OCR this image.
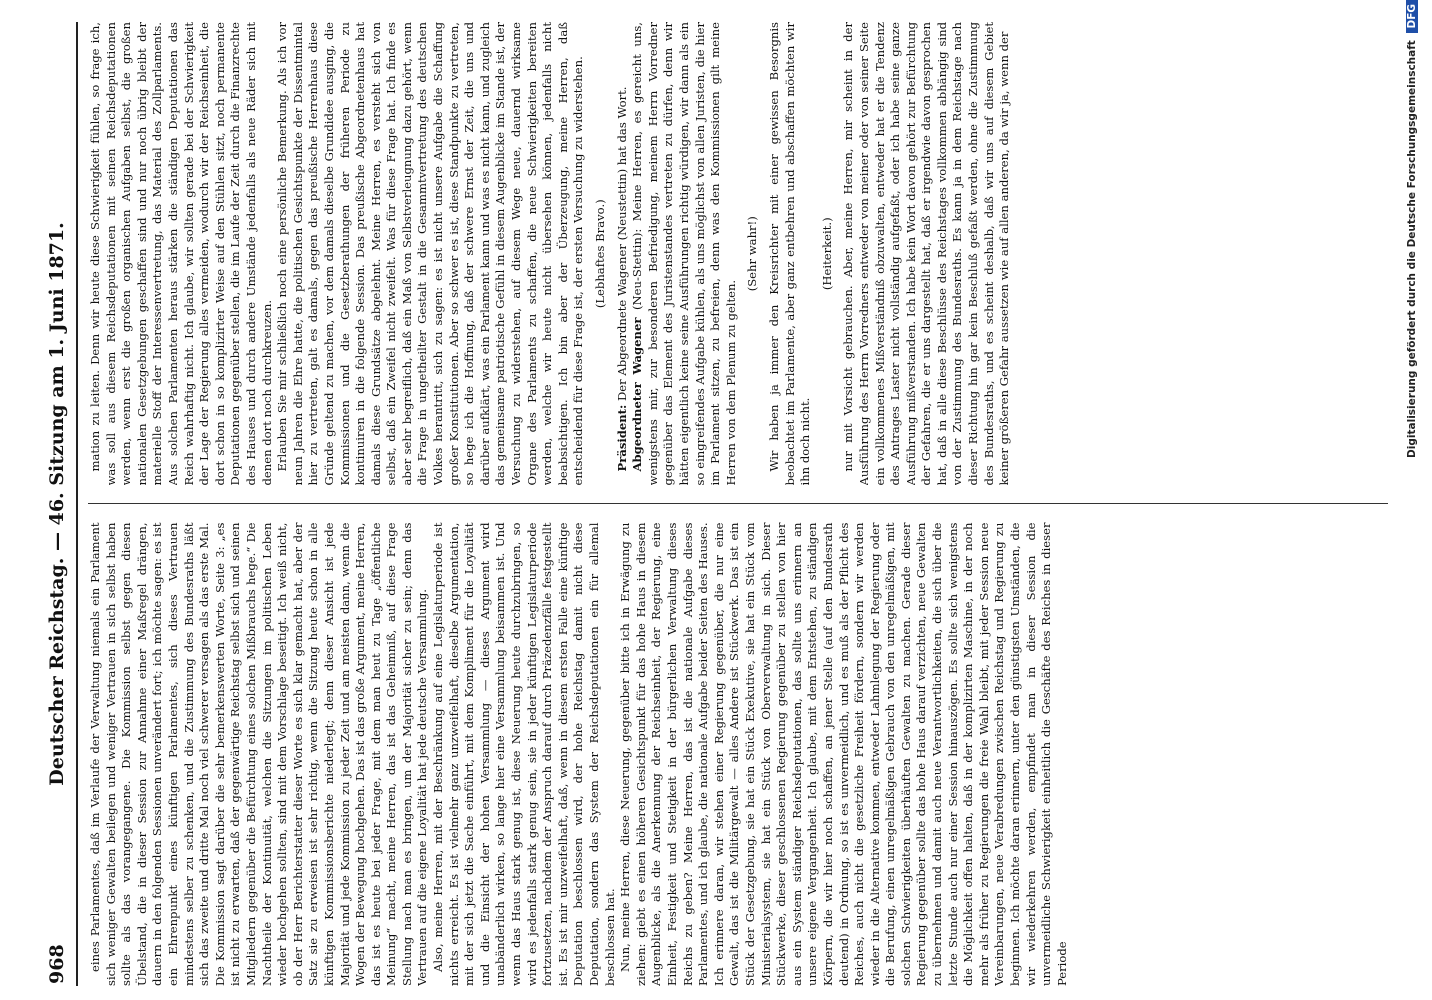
968
Deutscher Reichstag. — 46. Sitzung am 1. Juni 1871. eines Parlamentes, daß im Verlaufe der Verwaltung niemals ein Parlament sich weniger Gewalten beilegen und weniger Vertrauen in sich selbst haben sollte als das vorangegangene. Die Kommission selbst gegen diesen Übelstand, die in dieser Session zur Annahme einer Maßregel drängen, dauern in den folgenden Sessionen unverändert fort; ich möchte sagen: es ist ein Ehrenpunkt eines künftigen Parlamentes, sich dieses Vertrauen mindestens selber zu schenken, und die Zustimmung des Bundesraths läßt sich das zweite und dritte Mal noch viel schwerer versagen als das erste Mal. Die Kommission sagt darüber die sehr bemerkenswerten Worte, Seite 3: „es ist nicht zu erwarten, daß der gegenwärtige Reichstag selbst sich und seinen Mitgliedern gegenüber die Befürchtung eines solchen Mißbrauchs hege.“ Die Nachtheile der Kontinuität, welchen die Sitzungen im politischen Leben wieder hochgehen sollten, sind mit dem Vorschlage beseitigt. Ich weiß nicht, ob der Herr Berichterstatter dieser Worte es sich klar gemacht hat, aber der Satz sie zu erweisen ist sehr richtig, wenn die Sitzung heute schon in alle künftigen Kommissionsberichte niederlegt; denn dieser Ansicht ist jede Majorität und jede Kommission zu jeder Zeit und am meisten dann, wenn die Wogen der Bewegung hochgehen. Das ist das große Argument, meine Herren, das ist es heute bei jeder Frage, mit dem man heut zu Tage „öffentliche Meinung“ macht, meine Herren, das ist das Geheimniß, auf diese Frage Stellung nach man es bringen, um der Majorität sicher zu sein; denn das Vertrauen auf die eigene Loyalität hat jede deutsche Versammlung. Also, meine Herren, mit der Beschränkung auf eine Legislaturperiode ist nichts erreicht. Es ist vielmehr ganz unzweifelhaft, dieselbe Argumentation, mit der sich jetzt die Sache einführt, mit dem Kompliment für die Loyalität und die Einsicht der hohen Versammlung — dieses Argument wird unabänderlich wirken, so lange hier eine Versammlung beisammen ist. Und wenn das Haus stark genug ist, diese Neuerung heute durchzubringen, so wird es jedenfalls stark genug sein, sie in jeder künftigen Legislaturperiode fortzusetzen, nachdem der Anspruch darauf durch Präzedenzfälle festgestellt ist. Es ist mir unzweifelhaft, daß, wenn in diesem ersten Falle eine künftige Deputation beschlossen wird, der hohe Reichstag damit nicht diese Deputation, sondern das System der Reichsdeputationen ein für allemal beschlossen hat. Nun, meine Herren, diese Neuerung, gegenüber bitte ich in Erwägung zu ziehen: giebt es einen höheren Gesichtspunkt für das hohe Haus in diesem Augenblicke, als die Anerkennung der Reichseinheit, der Regierung, eine Einheit, Festigkeit und Stetigkeit in der bürgerlichen Verwaltung dieses Reichs zu geben? Meine Herren, das ist die nationale Aufgabe dieses Parlamentes, und ich glaube, die nationale Aufgabe beider Seiten des Hauses. Ich erinnere daran, wir stehen einer Regierung gegenüber, die nur eine Gewalt, das ist die Militärgewalt — alles Andere ist Stückwerk. Das ist ein Stück der Gesetzgebung, sie hat ein Stück Exekutive, sie hat ein Stück vom Ministerialsystem, sie hat ein Stück von Oberverwaltung in sich. Dieser Stückwerke, dieser geschlossenen Regierung gegenüber zu stellen von hier aus ein System ständiger Reichsdeputationen, das sollte uns erinnern an unsere eigene Vergangenheit. Ich glaube, mit dem Entstehen, zu ständigen Körpern, die wir hier noch schaffen, an jener Stelle (auf den Bundesrath deutend) in Ordnung, so ist es unvermeidlich, und es muß als der Pflicht des Reiches, auch nicht die gesetzliche Freiheit fördern, sondern wir werden wieder in die Alternative kommen, entweder Lahmlegung der Regierung oder die Berufung, einen unregelmäßigen Gebrauch von den unregelmäßigen, mit solchen Schwierigkeiten überhäuften Gewalten zu machen. Gerade dieser Regierung gegenüber sollte das hohe Haus darauf verzichten, neue Gewalten zu übernehmen und damit auch neue Verantwortlichkeiten, die sich über die letzte Stunde auch nur einer Session hinauszögen. Es sollte sich wenigstens die Möglichkeit offen halten, daß in der komplizirten Maschine, in der noch mehr als früher zu Regierungen die freie Wahl bleibt, mit jeder Session neue Vereinbarungen, neue Verabredungen zwischen Reichstag und Regierung zu beginnen. Ich möchte daran erinnern, unter den günstigsten Umständen, die wir wiederkehren werden, empfindet man in dieser Session die unvermeidliche Schwierigkeit einheitlich die Geschäfte des Reiches in dieser Periode

mation zu leiten. Denn wir heute diese Schwierigkeit fühlen, so frage ich, was soll aus diesem Reichsdeputationen mit seinen Reichsdeputationen werden, wenn erst die großen organischen Aufgaben selbst, die großen nationalen Gesetzgebungen geschaffen sind und nur noch übrig bleibt der materielle Stoff der Interessenvertretung, das Material des Zollparlaments. Aus solchen Parlamenten heraus stärken die ständigen Deputationen das Reich wahrhaftig nicht. Ich glaube, wir sollten gerade bei der Schwierigkeit der Lage der Regierung alles vermeiden, wodurch wir der Reichseinheit, die dort schon in so komplizirter Weise auf den Stühlen sitzt, noch permanente Deputationen gegenüber stellen, die im Laufe der Zeit durch die Finanzrechte des Hauses und durch andere Umstände jedenfalls als neue Räder sich mit denen dort noch durchkreuzen. Erlauben Sie mir schließlich noch eine persönliche Bemerkung. Als ich vor neun Jahren die Ehre hatte, die politischen Gesichtspunkte der Dissentmintal hier zu vertreten, galt es damals, gegen das preußische Herrenhaus diese Gründe geltend zu machen, vor dem damals dieselbe Grundidee ausging, die Kommissionen und die Gesetzberathungen der früheren Periode zu kontinuiren in die folgende Session. Das preußische Abgeordnetenhaus hat damals diese Grundsätze abgelehnt. Meine Herren, es versteht sich von selbst, daß ein Zweifel nicht zweifelt. Was für diese Frage hat. Ich finde es aber sehr begreiflich, daß ein Maß von Selbstverleugnung dazu gehört, wenn die Frage in ungetheilter Gestalt in die Gesammtvertretung des deutschen Volkes herantritt, sich zu sagen: es ist nicht unsere Aufgabe die Schaffung großer Konstitutionen. Aber so schwer es ist, diese Standpunkte zu vertreten, so hege ich die Hoffnung, daß der schwere Ernst der Zeit, die uns und darüber aufklärt, was ein Parlament kann und was es nicht kann, und zugleich das gemeinsame patriotische Gefühl in diesem Augenblicke im Stande ist, der Versuchung zu widerstehen, auf diesem Wege neue, dauernd wirksame Organe des Parlaments zu schaffen, die neue Schwierigkeiten bereiten werden, welche wir heute nicht übersehen können, jedenfalls nicht beabsichtigen. Ich bin aber der Überzeugung, meine Herren, daß entscheidend für diese Frage ist, der ersten Versuchung zu widerstehen. (Lebhaftes Bravo.)

Präsident: Der Abgeordnete Wagener (Neustettin) hat das Wort. Abgeordneter Wagener (Neu-Stettin): Meine Herren, es gereicht uns, wenigstens mir, zur besonderen Befriedigung, meinem Herrn Vorredner gegenüber das Element des Juristenstandes vertreten zu dürfen, denn wir hätten eigentlich keine seine Ausführungen richtig würdigen, wir dann als ein so eingreifendes Aufgabe kühlen, als uns möglichst von allen Juristen, die hier im Parlament sitzen, zu befreien, denn was den Kommissionen gilt meine Herren von dem Plenum zu gelten.

(Sehr wahr!) Wir haben ja immer den Kreisrichter mit einer gewissen Besorgnis beobachtet im Parlamente, aber ganz entbehren und abschaffen möchten wir ihn doch nicht.

(Heiterkeit.) nur mit Vorsicht gebrauchen. Aber, meine Herren, mir scheint in der Ausführung des Herrn Vorredners entweder von meiner oder von seiner Seite ein vollkommenes Mißverständniß obzuwalten, entweder hat er die Tendenz des Antrages Laster nicht vollständig aufgefaßt, oder ich habe seine ganze Ausführung mißverstanden. Ich habe kein Wort davon gehört zur Befürchtung der Gefahren, die er uns dargestellt hat, daß er irgendwie davon gesprochen hat, daß in alle diese Beschlüsse des Reichstages vollkommen abhängig sind von der Zustimmung des Bundesraths. Es kann ja in dem Reichstage nach dieser Richtung hin gar kein Beschluß gefaßt werden, ohne die Zustimmung des Bundesraths, und es scheint deshalb, daß wir uns auf diesem Gebiet keiner größeren Gefahr aussetzen wie auf allen anderen, da wir ja, wenn der	Digitalisierung gefördert durch die Deutsche Forschungsgemeinschaft DFG
